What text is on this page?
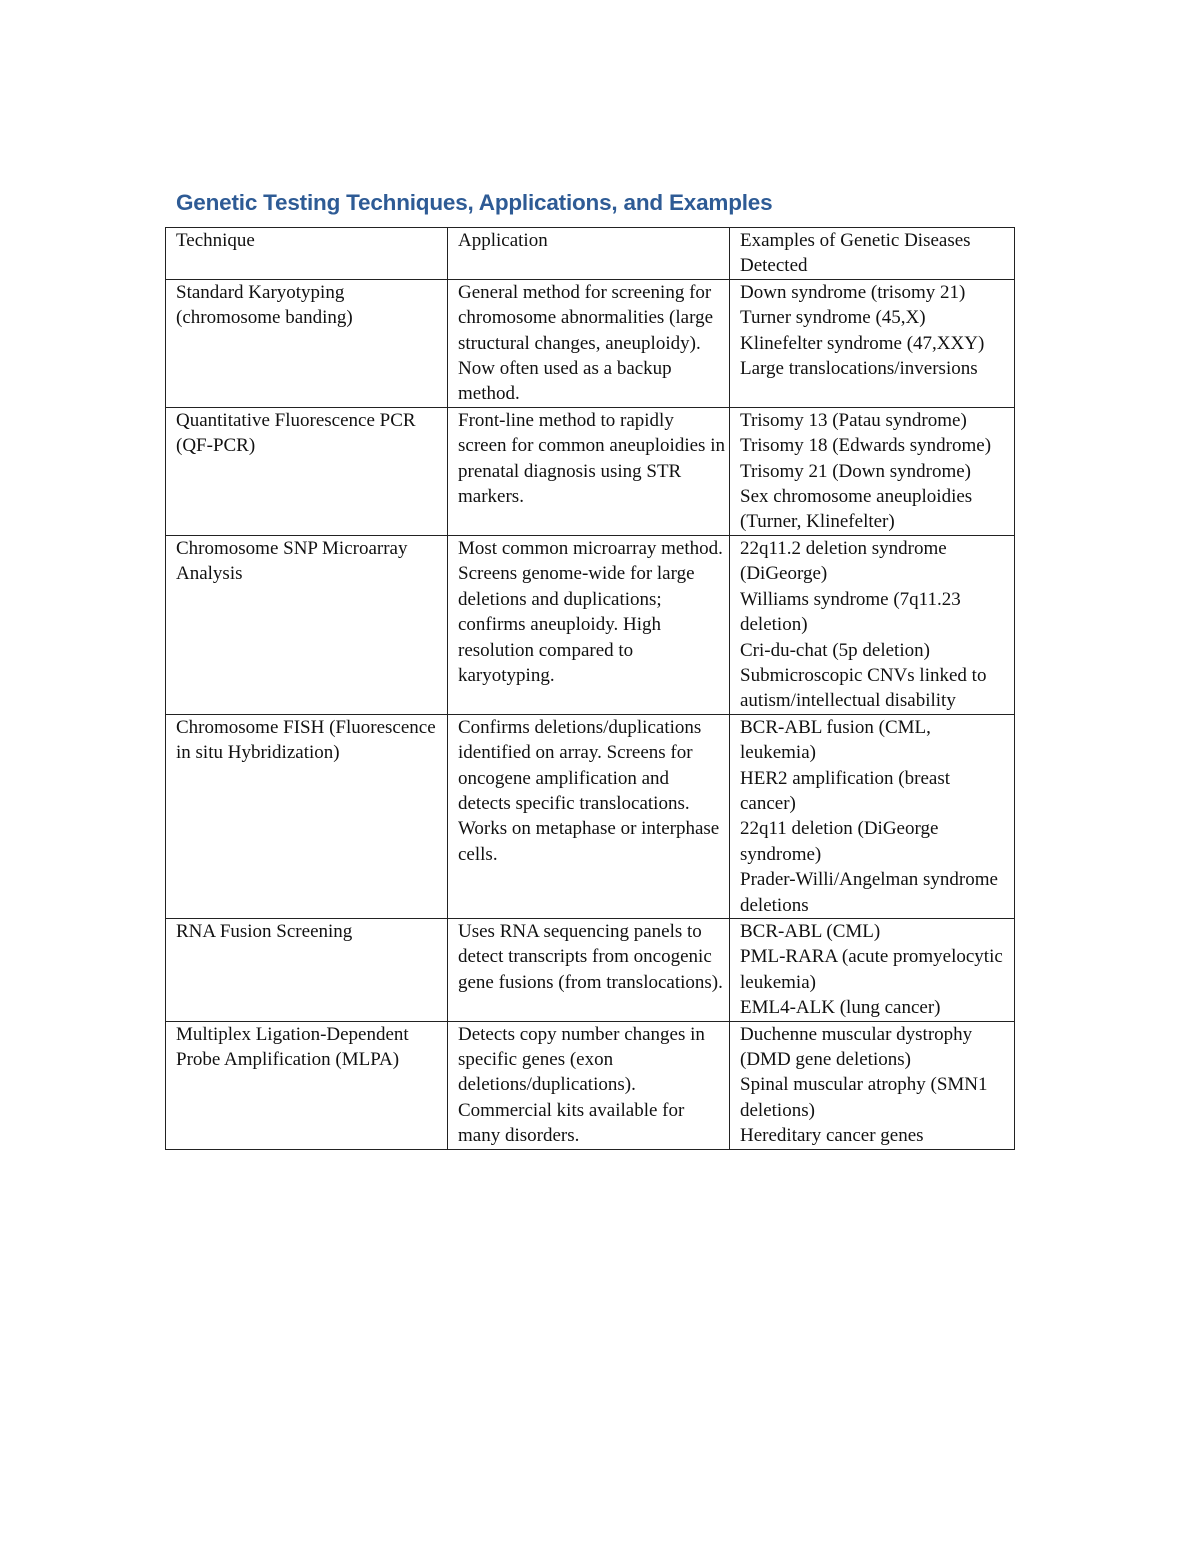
Genetic Testing Techniques, Applications, and Examples
Technique	Application	Examples of Genetic Diseases Detected
Standard Karyotyping (chromosome banding)	General method for screening for chromosome abnormalities (large structural changes, aneuploidy). Now often used as a backup method.	Down syndrome (trisomy 21)
Turner syndrome (45,X)
Klinefelter syndrome (47,XXY)
Large translocations/inversions

Quantitative Fluorescence PCR (QF-PCR)	Front-line method to rapidly screen for common aneuploidies in prenatal diagnosis using STR markers.	Trisomy 13 (Patau syndrome)
Trisomy 18 (Edwards syndrome)
Trisomy 21 (Down syndrome)
Sex chromosome aneuploidies (Turner, Klinefelter)

Chromosome SNP Microarray Analysis	Most common microarray method. Screens genome-wide for large deletions and duplications; confirms aneuploidy. High resolution compared to karyotyping.	22q11.2 deletion syndrome (DiGeorge)
Williams syndrome (7q11.23 deletion)
Cri-du-chat (5p deletion)
Submicroscopic CNVs linked to autism/intellectual disability

Chromosome FISH (Fluorescence in situ Hybridization)	Confirms deletions/duplications identified on array. Screens for oncogene amplification and detects specific translocations. Works on metaphase or interphase cells.	BCR-ABL fusion (CML, leukemia)
HER2 amplification (breast cancer)
22q11 deletion (DiGeorge syndrome)
Prader-Willi/Angelman syndrome deletions

RNA Fusion Screening	Uses RNA sequencing panels to detect transcripts from oncogenic gene fusions (from translocations).	BCR-ABL (CML)
PML-RARA (acute promyelocytic leukemia)
EML4-ALK (lung cancer)

Multiplex Ligation-Dependent Probe Amplification (MLPA)	Detects copy number changes in specific genes (exon deletions/duplications). Commercial kits available for many disorders.	Duchenne muscular dystrophy (DMD gene deletions)
Spinal muscular atrophy (SMN1 deletions)
Hereditary cancer genes
